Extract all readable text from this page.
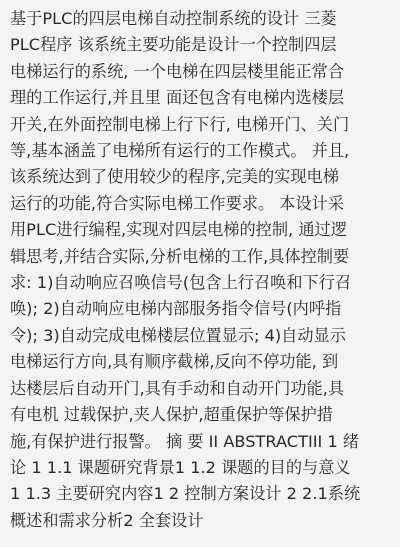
基于PLC的四层电梯自动控制系统的设计 三菱
PLC程序 该系统主要功能是设计一个控制四层
电梯运行的系统, 一个电梯在四层楼里能正常合
理的工作运行,并且里 面还包含有电梯内选楼层
开关,在外面控制电梯上行下行, 电梯开门、关门
等,基本涵盖了电梯所有运行的工作模式。 并且,
该系统达到了使用较少的程序,完美的实现电梯
运行的功能,符合实际电梯工作要求。 本设计采
用PLC进行编程,实现对四层电梯的控制, 通过逻
辑思考,并结合实际,分析电梯的工作,具体控制要
求: 1)自动响应召唤信号(包含上行召唤和下行召
唤); 2)自动响应电梯内部服务指令信号(内呼指
令); 3)自动完成电梯楼层位置显示; 4)自动显示
电梯运行方向,具有顺序截梯,反向不停功能, 到
达楼层后自动开门,具有手动和自动开门功能,具
有电机 过载保护,夹人保护,超重保护等保护措
施,有保护进行报警。 摘 要 II ABSTRACTIII 1 绪
论 1 1.1 课题研究背景1 1.2 课题的目的与意义
1 1.3 主要研究内容1 2 控制方案设计 2 2.1系统
概述和需求分析2 全套设计
